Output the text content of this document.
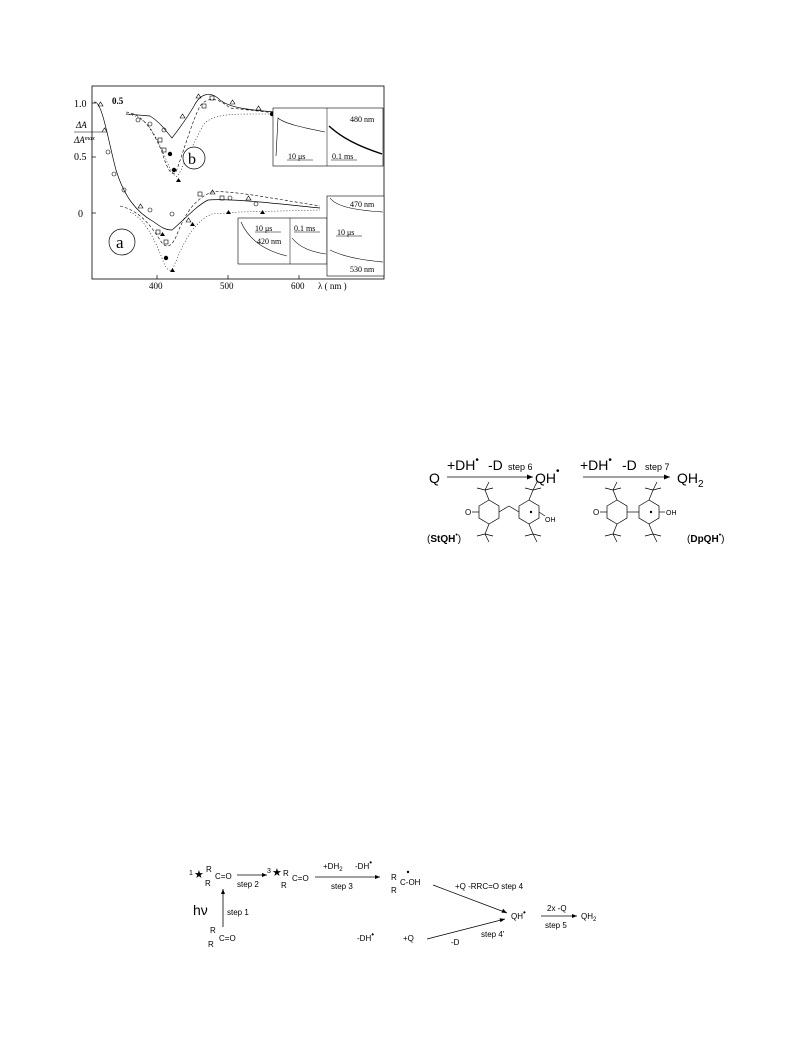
1.0
0.5
0
ΔA
$\Delta A^{max}$
400	500	600 λ ( nm )
0.5
b
480 nm
10 μs	0.1 ms
a
10 μs
420 nm
0.1 ms
470 nm
10 μs
530 nm
Q
+DH• -D step 6
QH• +DH• -D step 7
$QH_2$
O
OH
(StQH•)
O	OH
(DpQH•)
1 ★ R
R
C=O
step 2
3 ★ R
R
C=O
$+DH_2$ -DH•
step 3
R
R
C-OH	+Q -RRC=O step 4
QH•	2x -Q
step 5
$QH_2$
hν step 1
R
R
C=O	-DH•	+Q	-D
step 4'
